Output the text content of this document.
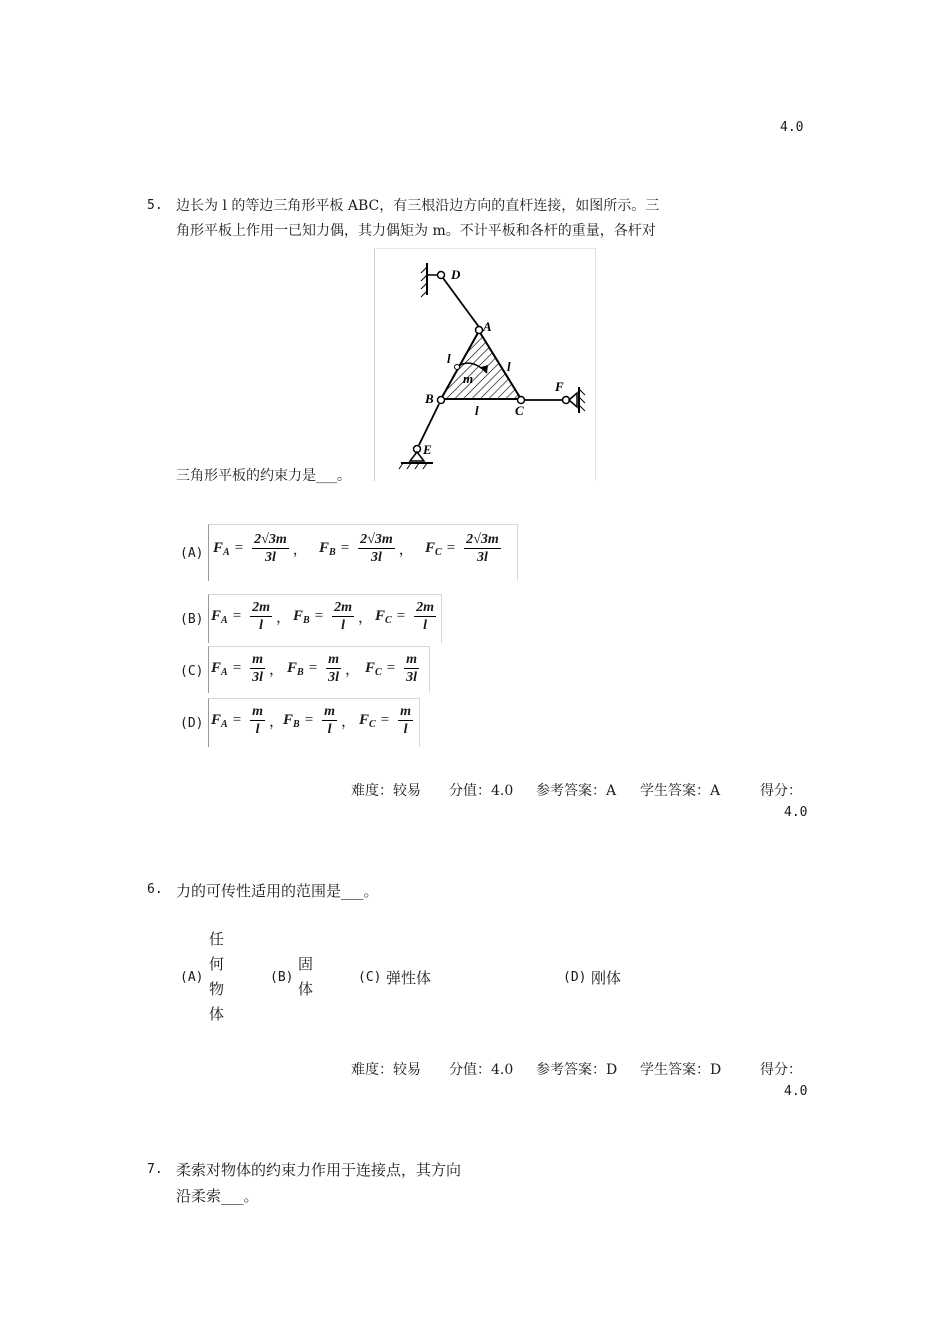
4.0
5. 边长为 l 的等边三角形平板 ABC，有三根沿边方向的直杆连接，如图所示。三
角形平板上作用一已知力偶，其力偶矩为 m。不计平板和各杆的重量，各杆对
三角形平板的约束力是___。
D
A
l
l
m
F
B
C
l
E
(A) F $A = \frac{2√3m}{3l}$ ， F $B = \frac{2√3m}{3l}$ ， F $C = \frac{2√3m}{3l}$
(B) F $A = \frac{2m}{l}$ ， F $B = \frac{2m}{l}$ ， F $C = \frac{2m}{l}$
(C) F $A = \frac{m}{3l}$ ， F $B = \frac{m}{3l}$ ， F $C = \frac{m}{3l}$
(D) F $A = \frac{m}{l}$ ，
F $B = \frac{m}{l}$ ， F $C = \frac{m}{l}$
难度：较易 分值：4.0 参考答案：A 学生答案：A	得分：
4.0
6. 力的可传性适用的范围是___。
(A)
任
何
物
体
(B)
固
体
(C) 弹性体	(D) 刚体
难度：较易 分值：4.0 参考答案：D 学生答案：D	得分：
4.0
7. 柔索对物体的约束力作用于连接点，其方向
沿柔索___。
